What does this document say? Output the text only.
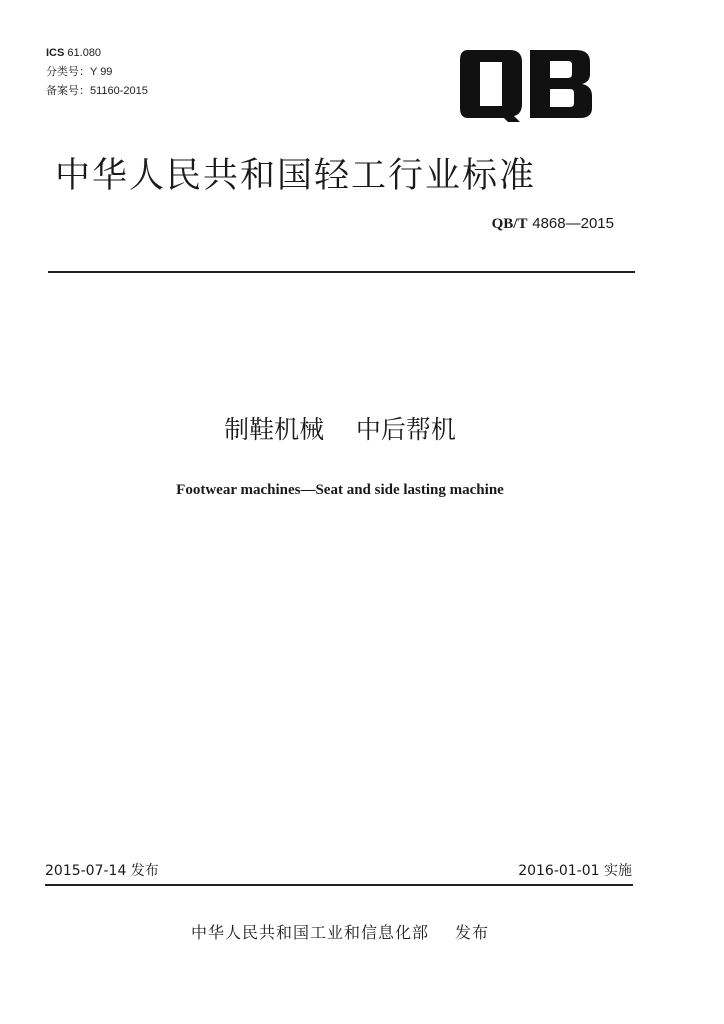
ICS 61.080
分类号：Y 99
备案号：51160-2015
中华人民共和国轻工行业标准
QB/T 4868—2015
制鞋机械    中后帮机
Footwear machines—Seat and side lasting machine
2015-07-14 发布	2016-01-01 实施
中华人民共和国工业和信息化部 发布
